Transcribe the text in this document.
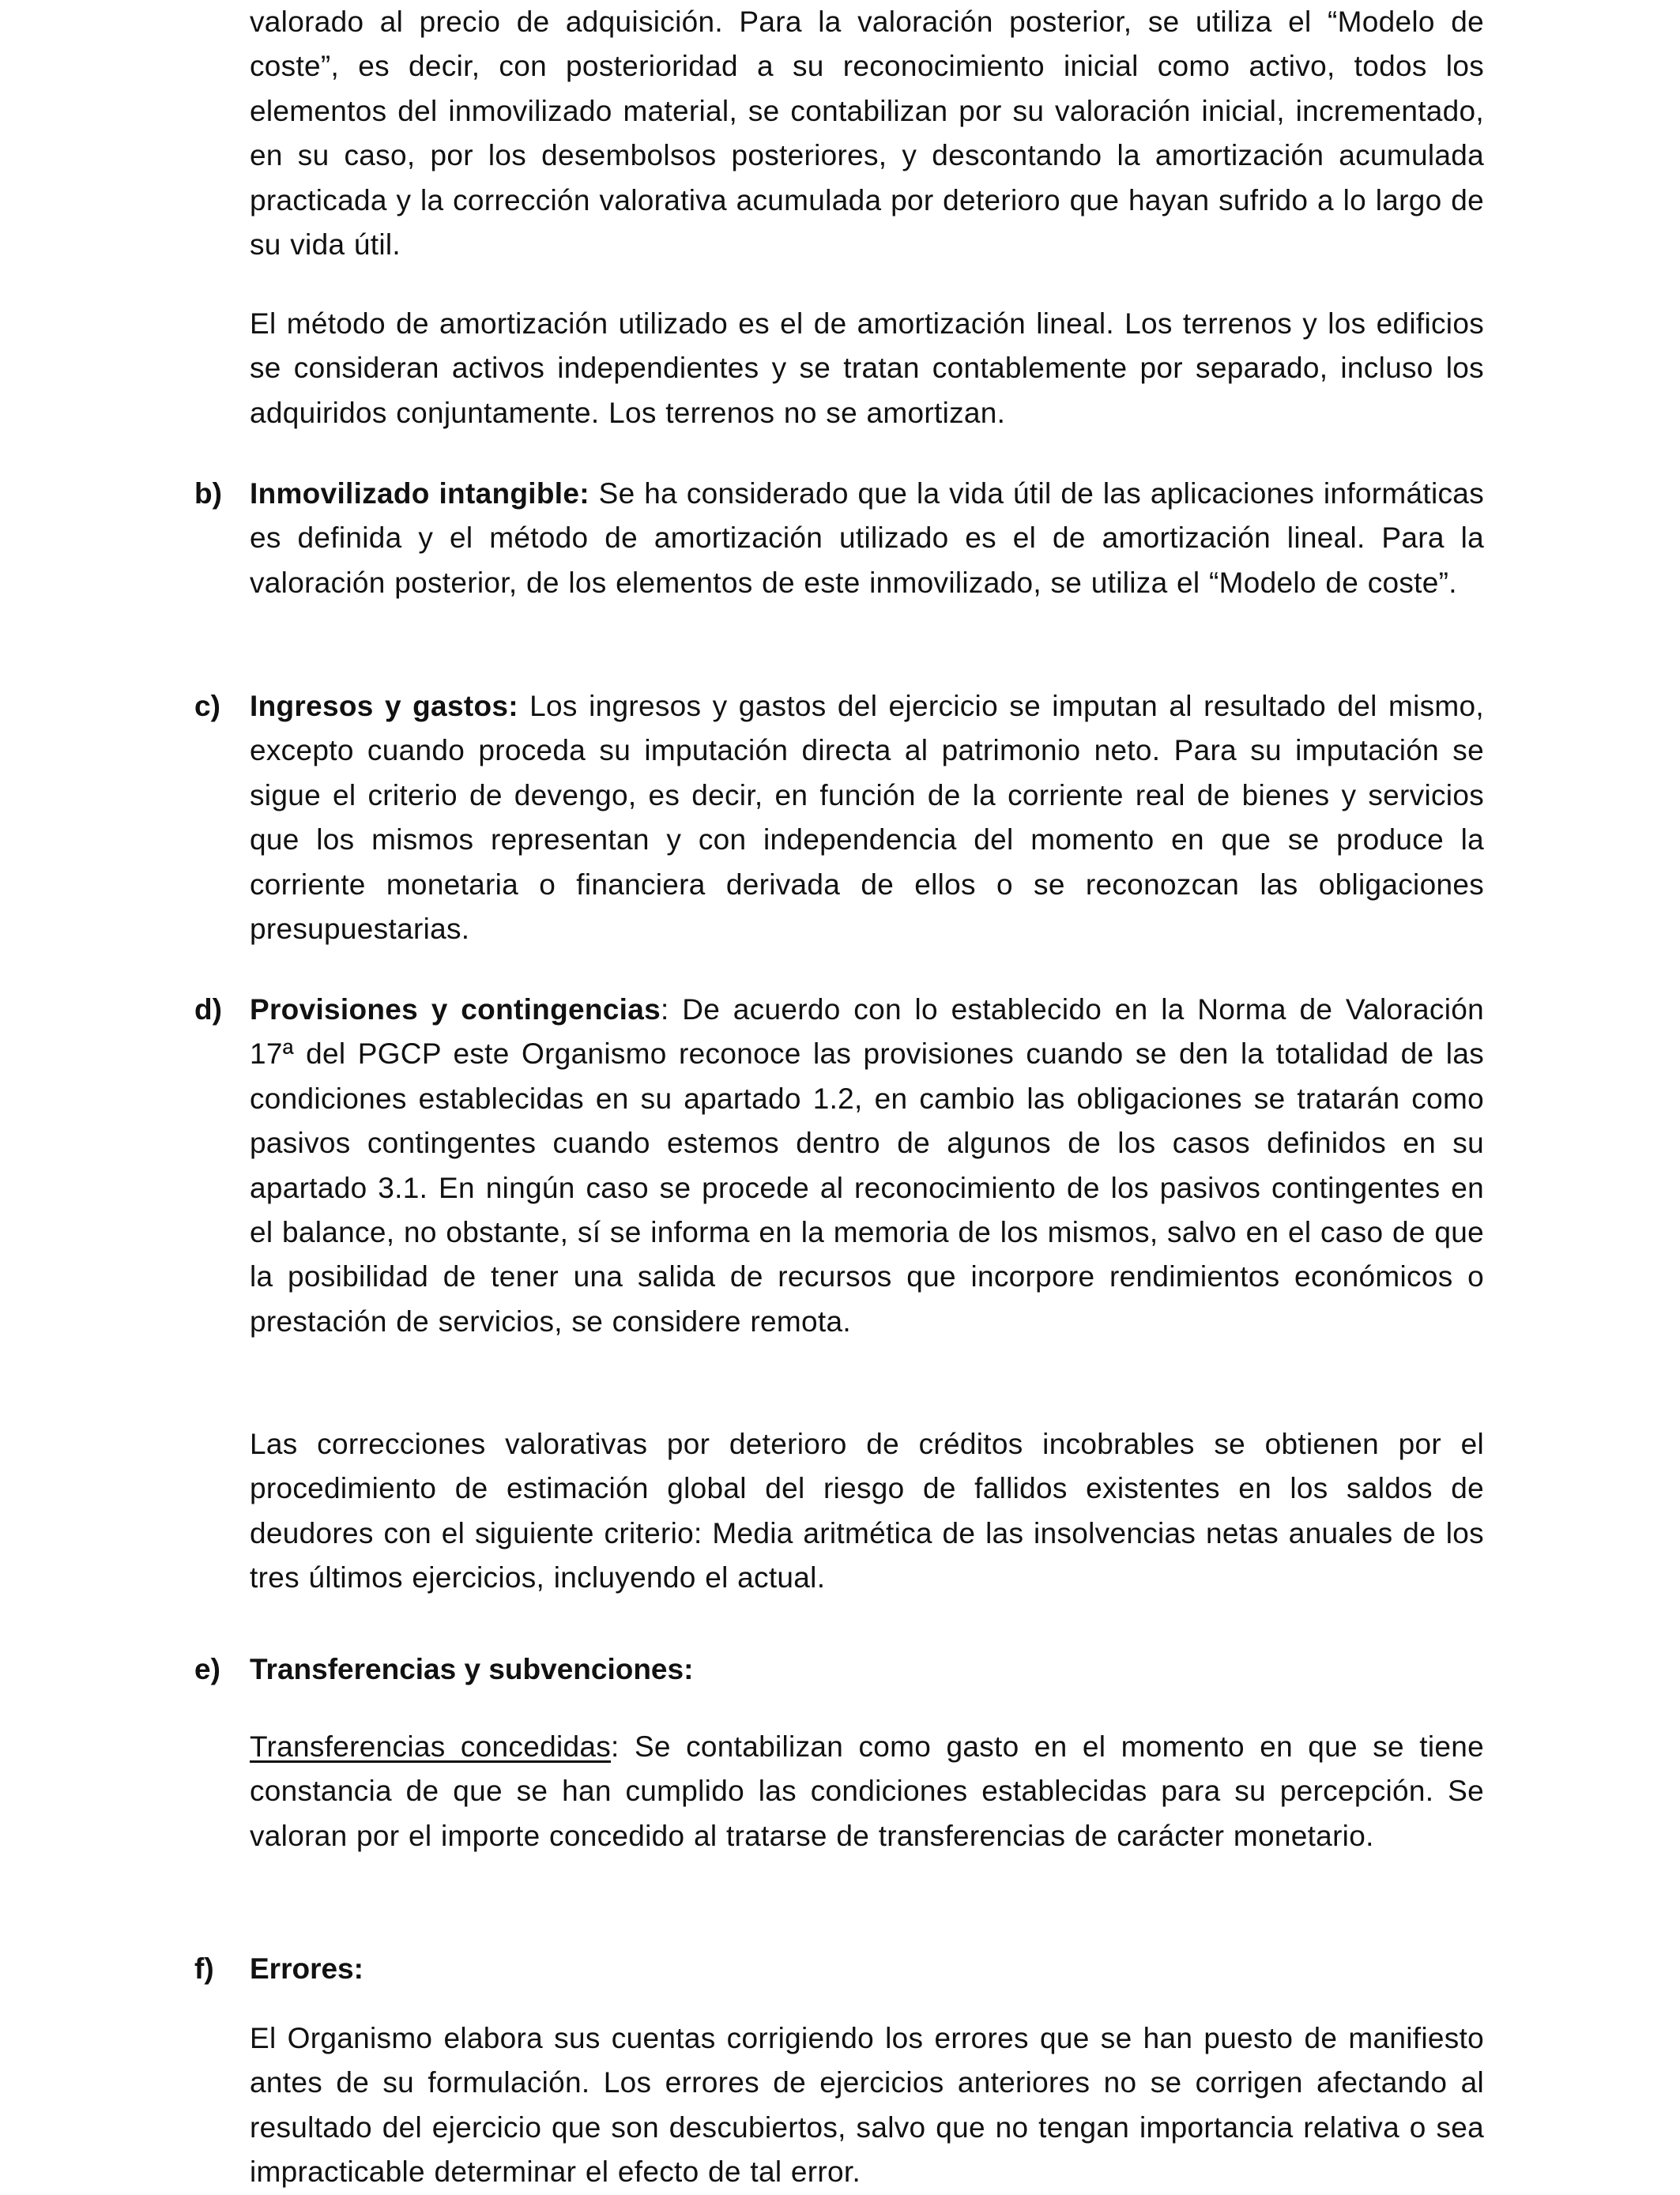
valorado al precio de adquisición. Para la valoración posterior, se utiliza el “Modelo de coste”, es decir, con posterioridad a su reconocimiento inicial como activo, todos los elementos del inmovilizado material, se contabilizan por su valoración inicial, incrementado, en su caso, por los desembolsos posteriores, y descontando la amortización acumulada practicada y la corrección valorativa acumulada por deterioro que hayan sufrido a lo largo de su vida útil.

El método de amortización utilizado es el de amortización lineal. Los terrenos y los edificios se consideran activos independientes y se tratan contablemente por separado, incluso los adquiridos conjuntamente. Los terrenos no se amortizan.

b) Inmovilizado intangible: Se ha considerado que la vida útil de las aplicaciones informáticas es definida y el método de amortización utilizado es el de amortización lineal. Para la valoración posterior, de los elementos de este inmovilizado, se utiliza el “Modelo de coste”.

c) Ingresos y gastos: Los ingresos y gastos del ejercicio se imputan al resultado del mismo, excepto cuando proceda su imputación directa al patrimonio neto. Para su imputación se sigue el criterio de devengo, es decir, en función de la corriente real de bienes y servicios que los mismos representan y con independencia del momento en que se produce la corriente monetaria o financiera derivada de ellos o se reconozcan las obligaciones presupuestarias.

d) Provisiones y contingencias: De acuerdo con lo establecido en la Norma de Valoración 17ª del PGCP este Organismo reconoce las provisiones cuando se den la totalidad de las condiciones establecidas en su apartado 1.2, en cambio las obligaciones se tratarán como pasivos contingentes cuando estemos dentro de algunos de los casos definidos en su apartado 3.1. En ningún caso se procede al reconocimiento de los pasivos contingentes en el balance, no obstante, sí se informa en la memoria de los mismos, salvo en el caso de que la posibilidad de tener una salida de recursos que incorpore rendimientos económicos o prestación de servicios, se considere remota.

Las correcciones valorativas por deterioro de créditos incobrables se obtienen por el procedimiento de estimación global del riesgo de fallidos existentes en los saldos de deudores con el siguiente criterio: Media aritmética de las insolvencias netas anuales de los tres últimos ejercicios, incluyendo el actual.

e) Transferencias y subvenciones:

Transferencias concedidas: Se contabilizan como gasto en el momento en que se tiene constancia de que se han cumplido las condiciones establecidas para su percepción. Se valoran por el importe concedido al tratarse de transferencias de carácter monetario.

f) Errores:

El Organismo elabora sus cuentas corrigiendo los errores que se han puesto de manifiesto antes de su formulación. Los errores de ejercicios anteriores no se corrigen afectando al resultado del ejercicio que son descubiertos, salvo que no tengan importancia relativa o sea impracticable determinar el efecto de tal error.
